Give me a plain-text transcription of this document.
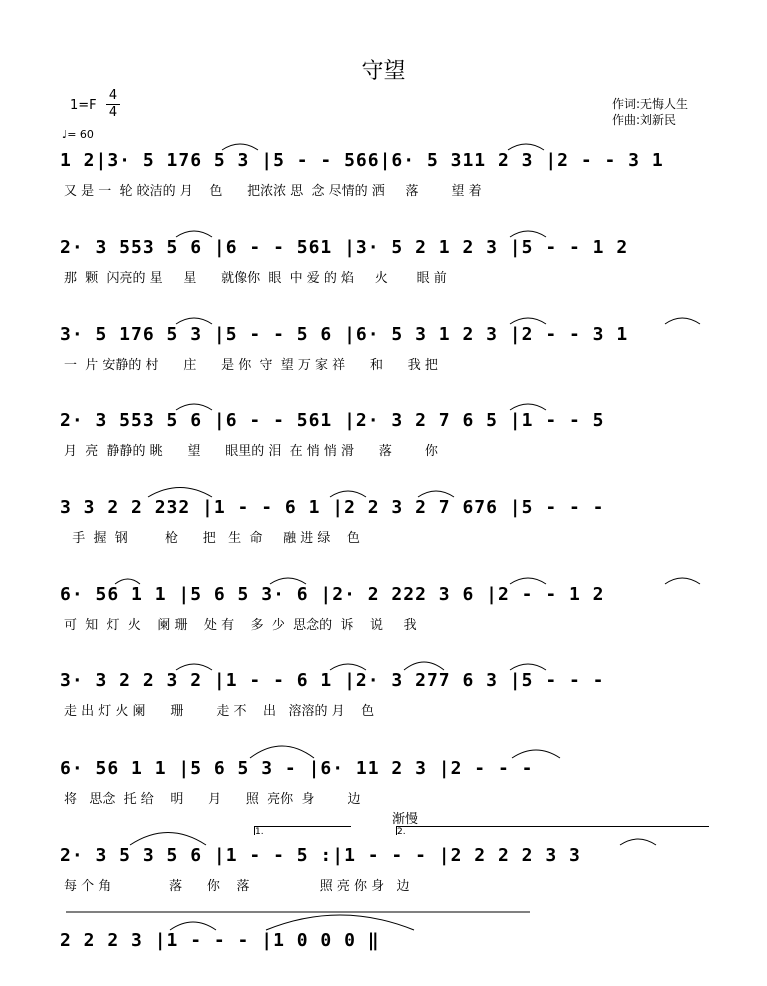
守望
1=F
4
4
♩= 60
作词:无悔人生
作曲:刘新民
1 2|3· 5 176 5 3 |5 - - 566|6· 5 311 2 3 |2 - - 3 1
又 是 一  轮 皎洁的 月    色      把浓浓 思  念 尽情的 洒     落        望 着
2· 3 553 5 6 |6 - - 561 |3· 5 2 1 2 3 |5 - - 1 2
那  颗  闪亮的 星     星      就像你  眼  中 爱 的 焰     火       眼 前
3· 5 176 5 3 |5 - - 5 6 |6· 5 3 1 2 3 |2 - - 3 1
一  片 安静的 村      庄      是 你  守  望 万 家 祥      和      我 把
2· 3 553 5 6 |6 - - 561 |2· 3 2 7 6 5 |1 - - 5
月  亮  静静的 眺      望      眼里的 泪  在 悄 悄 滑      落        你
3 3 2 2 232 |1 - - 6 1 |2 2 3 2 7 676 |5 - - -
手  握  钢         枪      把   生  命     融 进 绿    色
6· 56 1 1 |5 6 5 3· 6 |2· 2 222 3 6 |2 - - 1 2
可  知  灯  火    阑 珊    处 有    多  少  思念的  诉    说     我
3· 3 2 2 3 2 |1 - - 6 1 |2· 3 277 6 3 |5 - - -
走 出 灯 火 阑      珊        走 不    出   溶溶的 月    色
6· 56 1 1 |5 6 5 3 - |6· 11 2 3 |2 - - -
将   思念  托 给    明      月      照  亮你  身        边
渐慢
1.	2.
2· 3 5 3 5 6 |1 - - 5 :|1 - - - |2 2 2 2 3 3
每 个 角              落      你    落                 照 亮 你 身   边
2 2 2 3 |1 - - - |1 0 0 0 ‖
